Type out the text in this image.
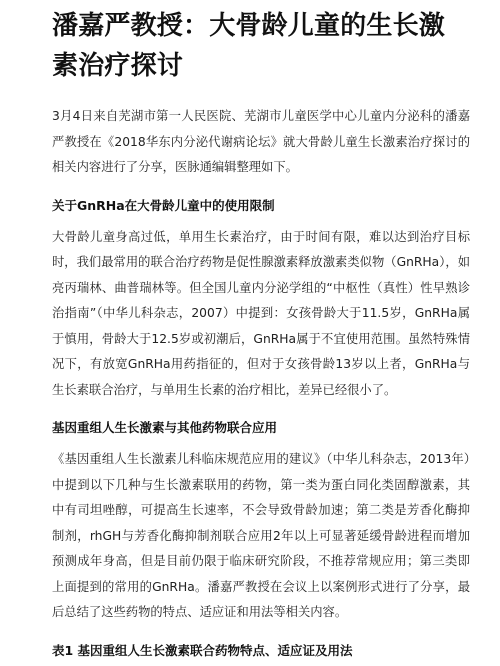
潘嘉严教授：大骨龄儿童的生长激素治疗探讨

3月4日来自芜湖市第一人民医院、芜湖市儿童医学中心儿童内分泌科的潘嘉严教授在《2018华东内分泌代谢病论坛》就大骨龄儿童生长激素治疗探讨的相关内容进行了分享，医脉通编辑整理如下。

关于GnRHa在大骨龄儿童中的使用限制

大骨龄儿童身高过低，单用生长素治疗，由于时间有限，难以达到治疗目标时，我们最常用的联合治疗药物是促性腺激素释放激素类似物（GnRHa），如亮丙瑞林、曲普瑞林等。但全国儿童内分泌学组的“中枢性（真性）性早熟诊治指南”（中华儿科杂志，2007）中提到：女孩骨龄大于11.5岁，GnRHa属于慎用，骨龄大于12.5岁或初潮后，GnRHa属于不宜使用范围。虽然特殊情况下，有放宽GnRHa用药指征的，但对于女孩骨龄13岁以上者，GnRHa与生长素联合治疗，与单用生长素的治疗相比，差异已经很小了。

基因重组人生长激素与其他药物联合应用

《基因重组人生长激素儿科临床规范应用的建议》（中华儿科杂志，2013年）中提到以下几种与生长激素联用的药物，第一类为蛋白同化类固醇激素，其中有司坦唑醇，可提高生长速率，不会导致骨龄加速；第二类是芳香化酶抑制剂，rhGH与芳香化酶抑制剂联合应用2年以上可显著延缓骨龄进程而增加预测成年身高，但是目前仍限于临床研究阶段，不推荐常规应用；第三类即上面提到的常用的GnRHa。潘嘉严教授在会议上以案例形式进行了分享，最后总结了这些药物的特点、适应证和用法等相关内容。

表1 基因重组人生长激素联合药物特点、适应证及用法
